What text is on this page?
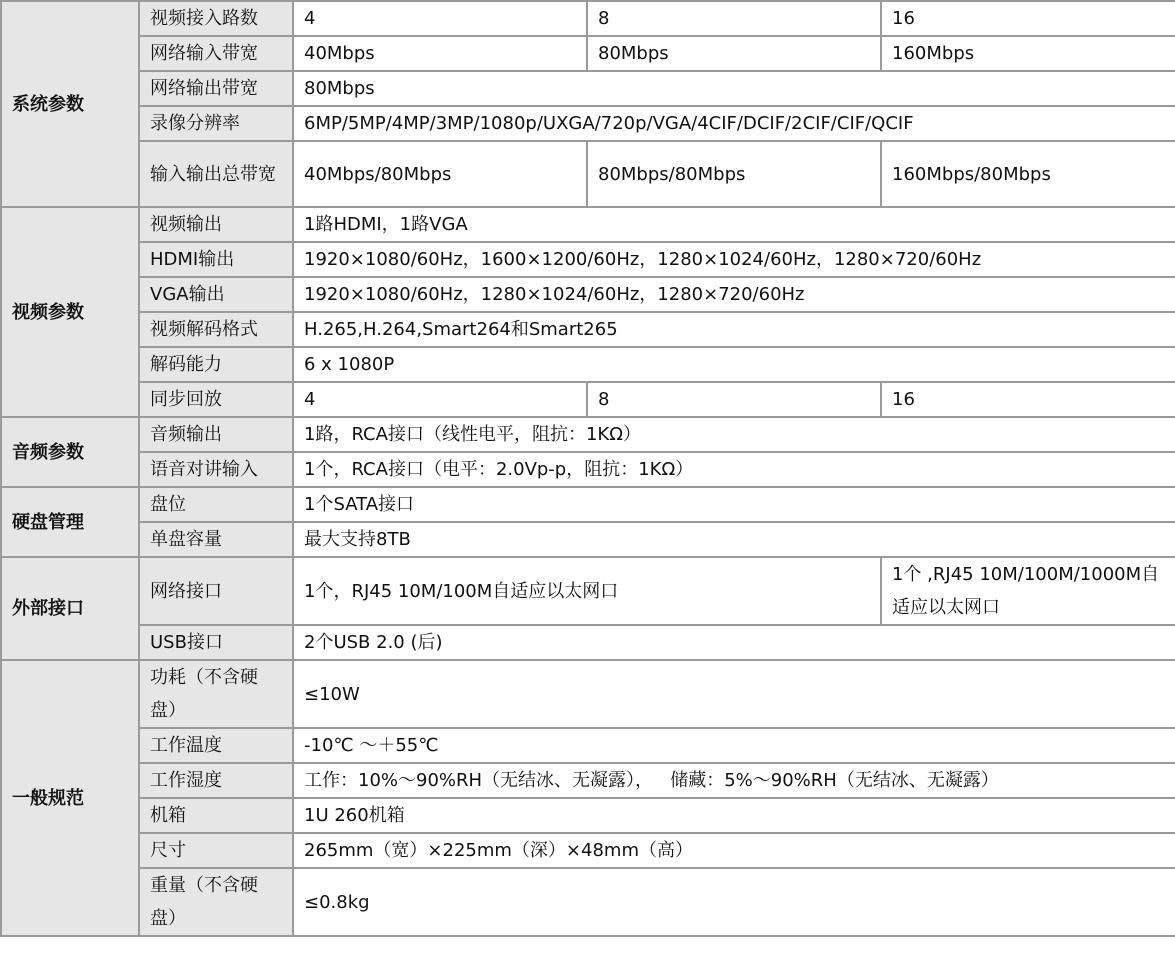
系统参数	视频接入路数	4	8	16
	网络输入带宽	40Mbps	80Mbps	160Mbps
	网络输出带宽	80Mbps		
	录像分辨率	6MP/5MP/4MP/3MP/1080p/UXGA/720p/VGA/4CIF/DCIF/2CIF/CIF/QCIF		
	输入输出总带宽	40Mbps/80Mbps	80Mbps/80Mbps	160Mbps/80Mbps
视频参数	视频输出	1路HDMI，1路VGA		
	HDMI输出	1920×1080/60Hz，1600×1200/60Hz，1280×1024/60Hz，1280×720/60Hz		
	VGA输出	1920×1080/60Hz，1280×1024/60Hz，1280×720/60Hz		
	视频解码格式	H.265,H.264,Smart264和Smart265		
	解码能力	6 x 1080P		
	同步回放	4	8	16
音频参数	音频输出	1路，RCA接口（线性电平，阻抗：1KΩ）		
	语音对讲输入	1个，RCA接口（电平：2.0Vp-p，阻抗：1KΩ）		
硬盘管理	盘位	1个SATA接口		
	单盘容量	最大支持8TB		
外部接口	网络接口	1个，RJ45 10M/100M自适应以太网口		1个 ,RJ45 10M/100M/1000M自适应以太网口
	USB接口	2个USB 2.0 (后)		
一般规范	功耗（不含硬盘）	≤10W		
	工作温度	-10℃ ～＋55℃		
	工作湿度	工作：10%～90%RH（无结冰、无凝露），   储藏：5%～90%RH（无结冰、无凝露）		
	机箱	1U 260机箱		
	尺寸	265mm（宽）×225mm（深）×48mm（高）		
	重量（不含硬盘）	≤0.8kg		
